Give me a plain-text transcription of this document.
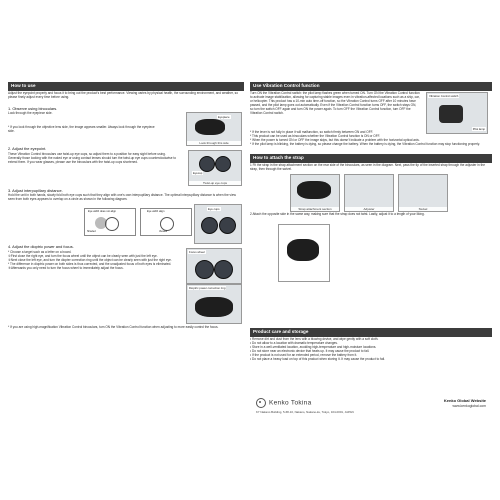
How to use
Adjust the eyepoint properly and focus it to bring out the product's best performance. Viewing varies by physical health, the surrounding environment, and weather, so please finely adjust every time before using.
1. Observe using binoculars.
Look through the eyepiece side.
* If you look through the objective lens side, the image appears smaller. Always look through the eyepiece side.
Eyepiece
Look through this side
2. Adjust the eyepoint.
These Vibration Control binoculars use twist-up eye cups, so adjust them to a position for easy sight before using. Generally those looking with the naked eye or using contact lenses should turn the twist-up eye cups counterclockwise to extend them. If you wear glasses, please use the binoculars with the twist-up cups shortened.
Eyecup
Twist-up eye cups
3. Adjust interpupillary distance.
Hold the unit in both hands, slowly fold both eye cups such that they align with one's own interpupillary distance. The optimal interpupillary distance is when the view seen from both eyes appears to overlap on a circle as shown in the following diagram.
Eye width does not align
Shaded
Eye width align
Viewed
Eye cups
4. Adjust the dioptric power and focus.

* Choose a target such as a letter on a board.

①First close the right eye, and turn the focus wheel until the object can be clearly seen with just the left eye.

②Next close the left eye, and turn the diopter correction ring until the object can be clearly seen with just the right eye.

* The difference in dioptric power on both sides is thus corrected, and the unadjusted focus of both eyes is eliminated.

③Afterwards you only need to turn the focus wheel to immediately adjust the focus.

Focus wheel
Dioptric power correction ring
* If you are using high-magnification Vibration Control binoculars, turn ON the Vibration Control function when adjusting to more easily control the focus.
Use Vibration Control function
Turn ON the Vibration Control switch: the pilot lamp flashes green when turned ON. Turn ON the Vibration Control function to activate image stabilization, allowing for capturing stable images even in vibration-affected locations such as a ship, car, or helicopter. This product has a 10-min auto time-off function, so the Vibration Control turns OFF after 10 minutes have passed, and the pilot lamp goes out automatically. Even if the Vibration Control function turns OFF, the switch stays ON, so turn the switch OFF again and turn ON the power again. To turn OFF the Vibration Control function, turn OFF the Vibration Control switch.
Vibration Control switch
Pilot lamp

* If the lever is not fully in place it will malfunction, so switch firmly between ON and OFF.

* This product can be used as binoculars whether the Vibration Control function is ON or OFF.

* When the power is turned ON or OFF the image skips, but this doesn't indicate a problem with the horizontal optical axis.

* If the pilot lamp is blinking, the battery is dying, so please change the battery. When the battery is dying, the Vibration Control function may stop functioning properly.

How to attach the strap
1 Fit the strap in the strap attachment section on the rear side of the binoculars, as seen in the diagram. Next, pass the tip of the inserted strap through the adjuster in the strap, then through the swivel.
Strap attachment section	Adjuster	Swivel
2 Attach the opposite side in the same way, making sure that the strap does not twist. Lastly, adjust it to a length of your liking.
Product care and storage

• Remove dirt and dust from the lens with a blowing device, and wipe gently with a soft cloth.

• Do not allow to a location with dramatic temperature changes.

• Store in a well-ventilated location, avoiding high-temperature and high-moisture locations.

• Do not store near an electronic device that heats up. It may cause the product to fail.

• If the product is not used for an extended period, remove the battery from it.

• Do not place a heavy load on top of this product when storing it. It may cause the product to fail.

Kenko Tokina
K7 Nakano Building, 5-68-10, Nakano, Nakano-ku, Tokyo, 164-0001, JAPAN
Kenko Global Website
www.kenkoglobal.com
